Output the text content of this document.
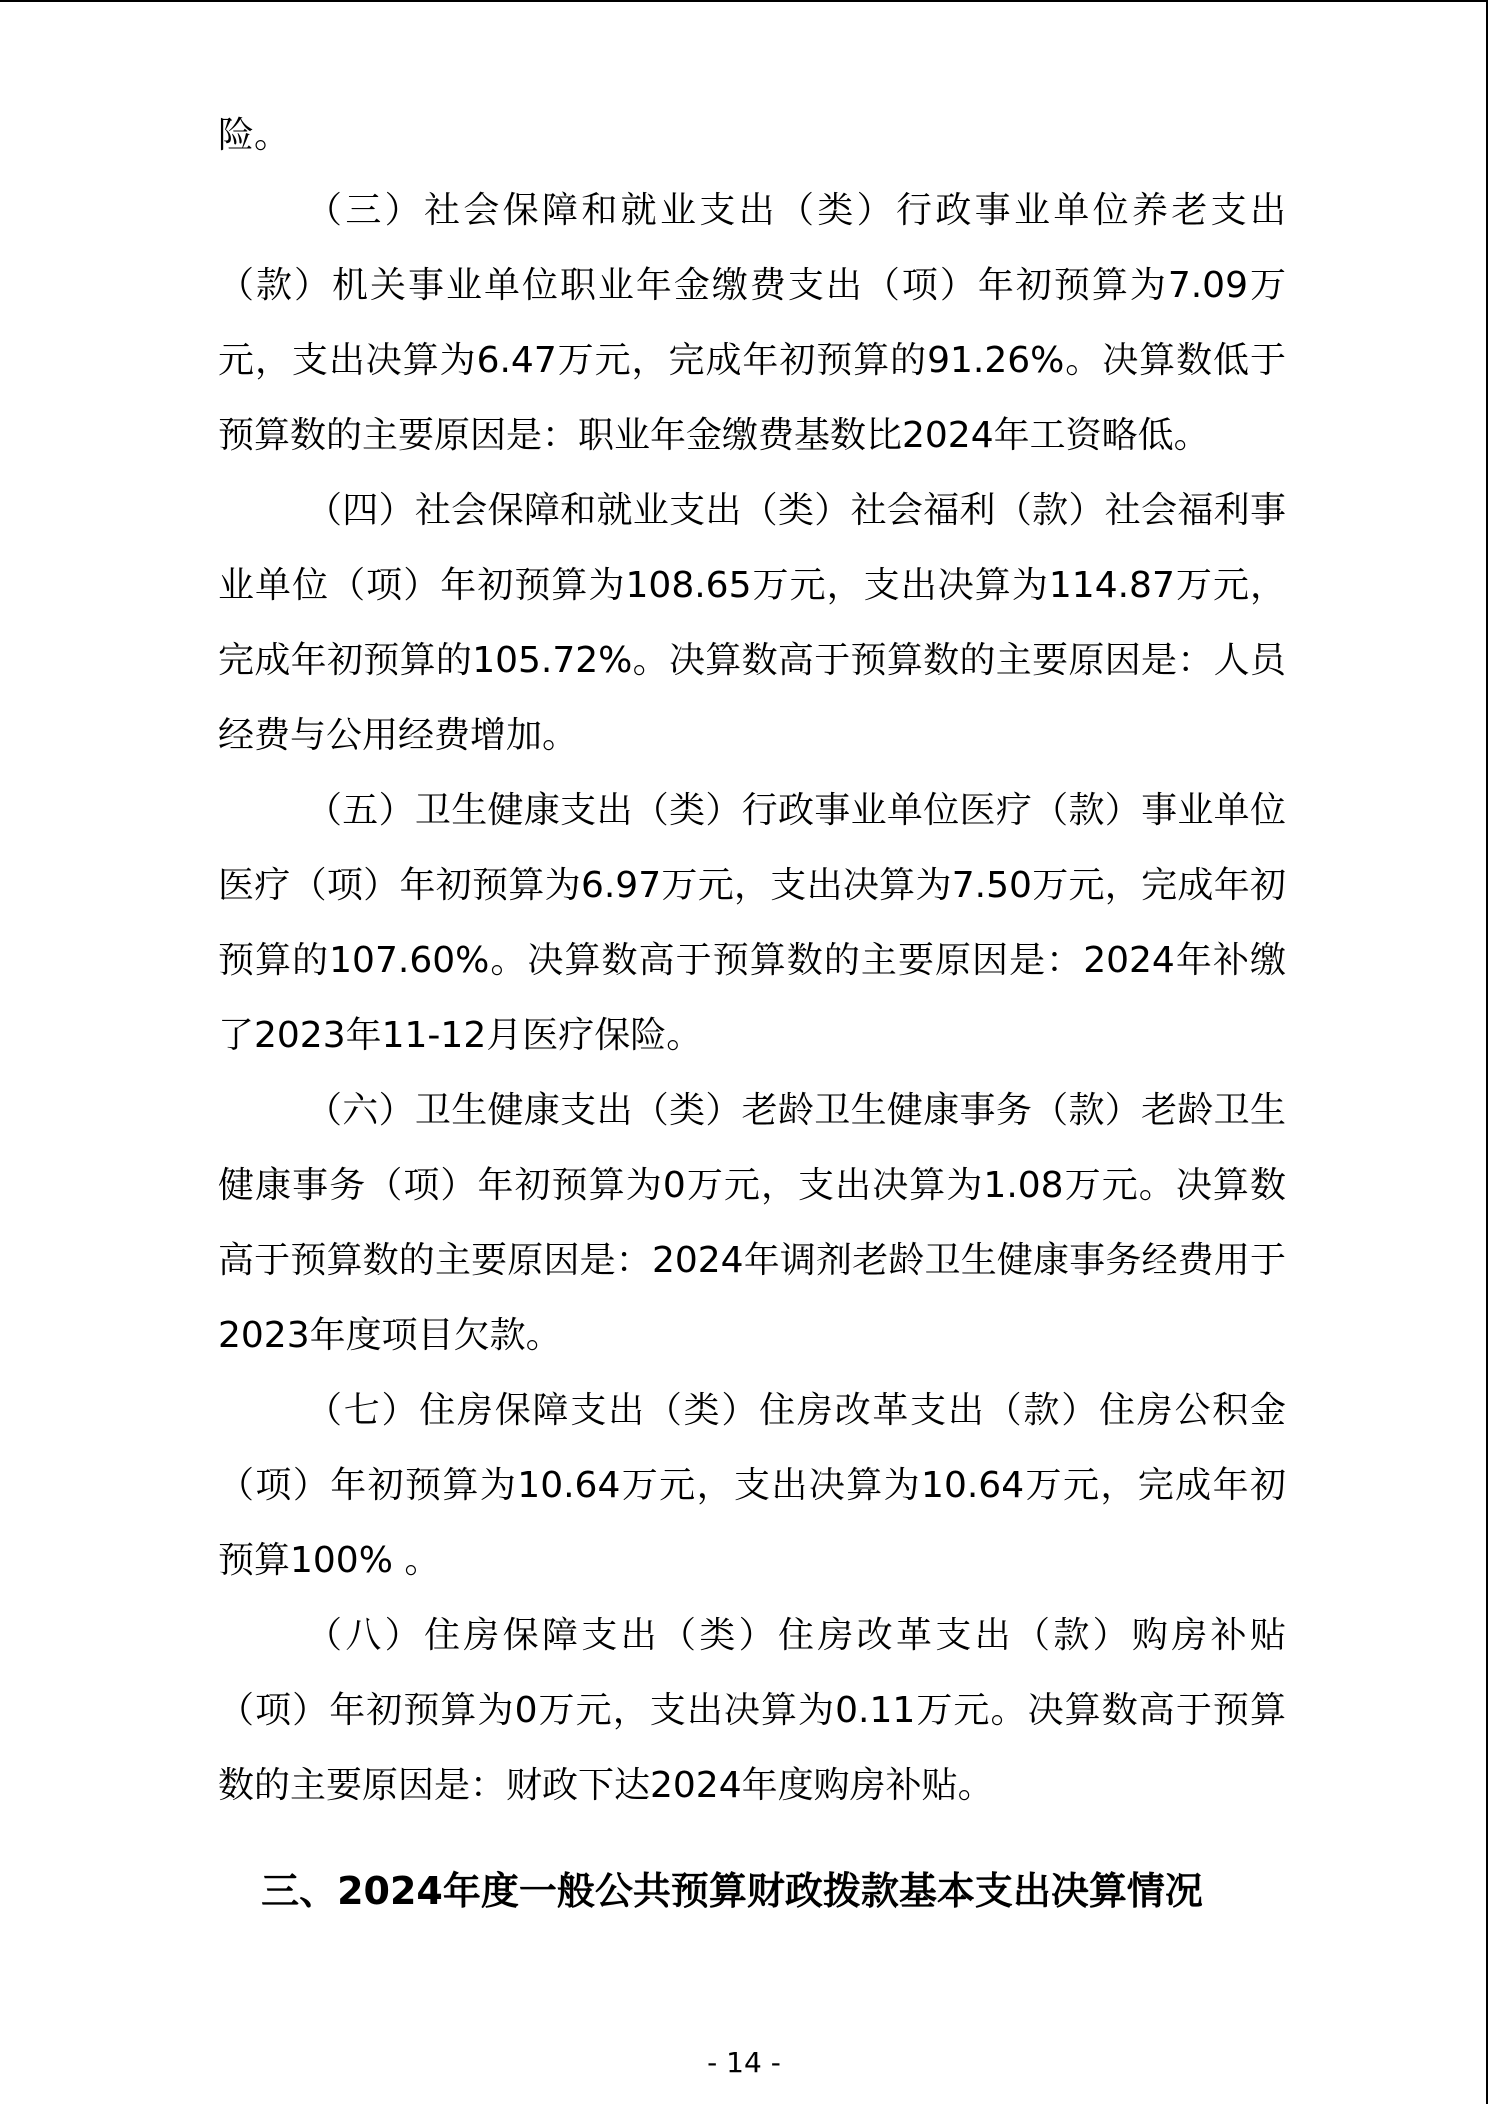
险。

（三）社会保障和就业支出（类）行政事业单位养老支出（款）机关事业单位职业年金缴费支出（项）年初预算为7.09万元，支出决算为6.47万元，完成年初预算的91.26%。决算数低于预算数的主要原因是：职业年金缴费基数比2024年工资略低。

（四）社会保障和就业支出（类）社会福利（款）社会福利事业单位（项）年初预算为108.65万元，支出决算为114.87万元，完成年初预算的105.72%。决算数高于预算数的主要原因是：人员经费与公用经费增加。

（五）卫生健康支出（类）行政事业单位医疗（款）事业单位医疗（项）年初预算为6.97万元，支出决算为7.50万元，完成年初预算的107.60%。决算数高于预算数的主要原因是：2024年补缴了2023年11-12月医疗保险。

（六）卫生健康支出（类）老龄卫生健康事务（款）老龄卫生健康事务（项）年初预算为0万元，支出决算为1.08万元。决算数高于预算数的主要原因是：2024年调剂老龄卫生健康事务经费用于2023年度项目欠款。

（七）住房保障支出（类）住房改革支出（款）住房公积金（项）年初预算为10.64万元，支出决算为10.64万元，完成年初预算100% 。

（八）住房保障支出（类）住房改革支出（款）购房补贴（项）年初预算为0万元，支出决算为0.11万元。决算数高于预算数的主要原因是：财政下达2024年度购房补贴。

三、2024年度一般公共预算财政拨款基本支出决算情况
- 14 -
